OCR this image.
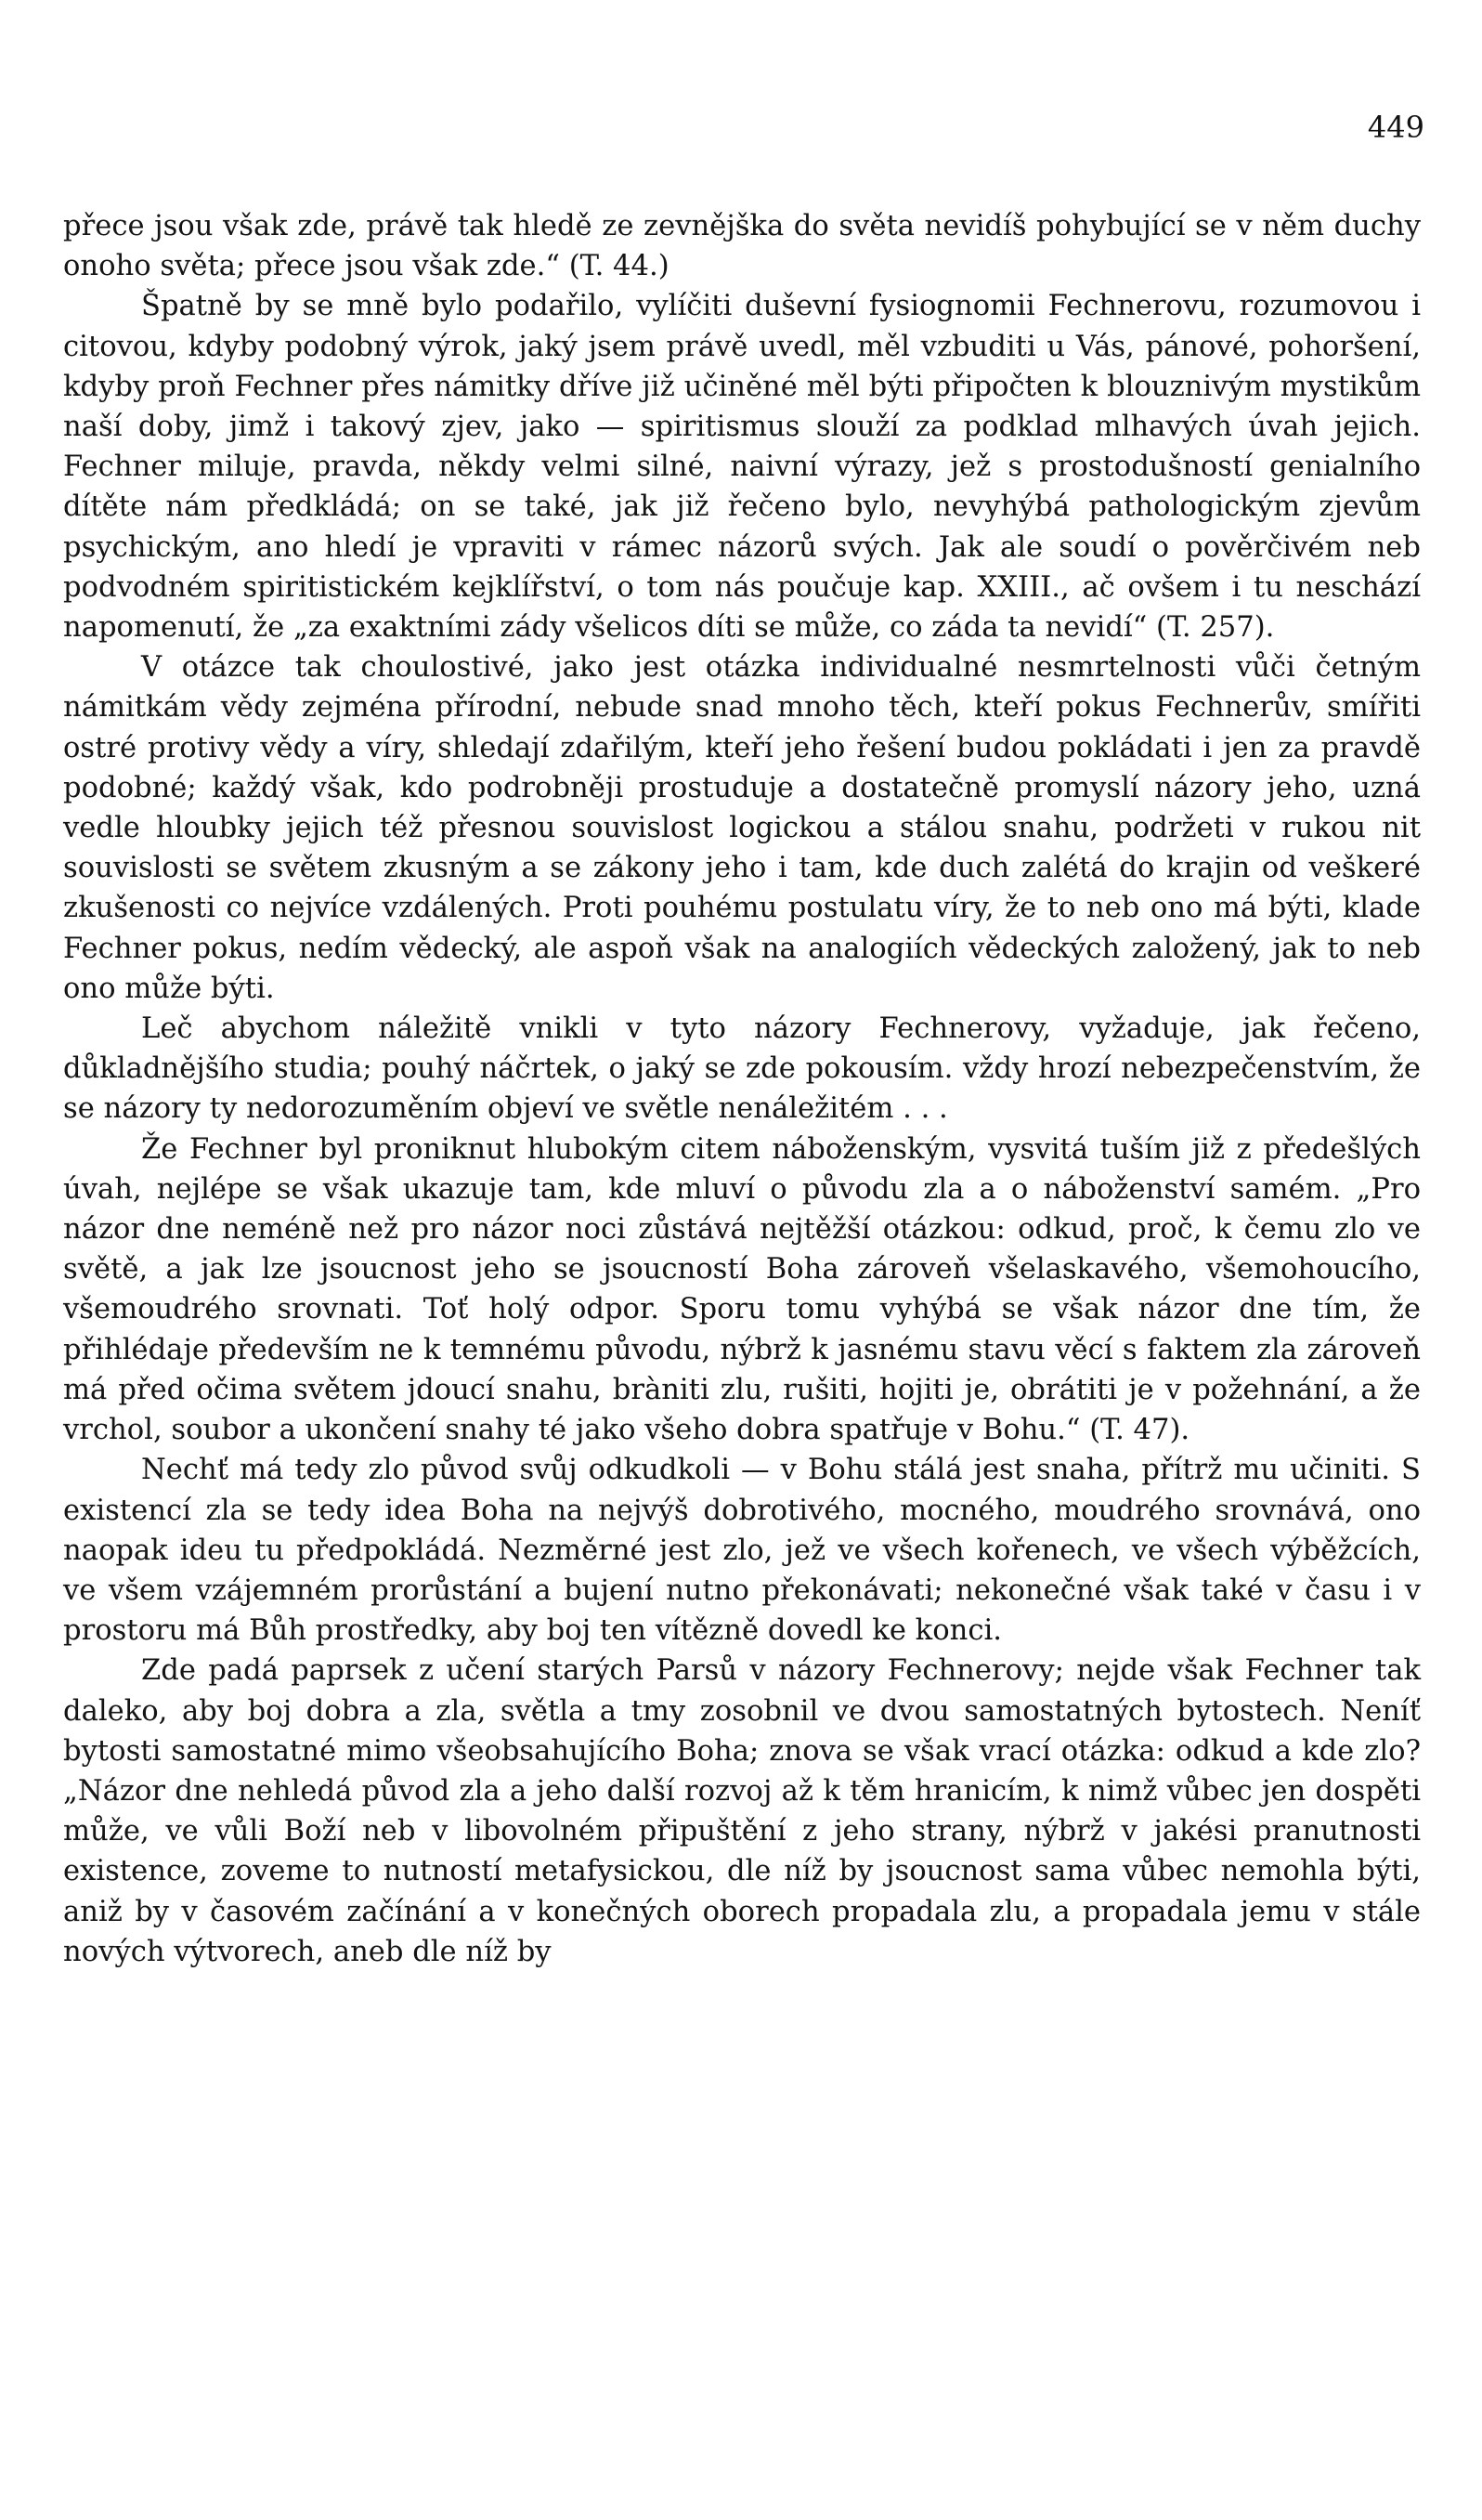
449

přece jsou však zde, právě tak hledě ze zevnějška do světa nevidíš pohybující se v něm duchy onoho světa; přece jsou však zde.“ (T. 44.)

Špatně by se mně bylo podařilo, vylíčiti duševní fysiognomii Fechnerovu, rozumovou i citovou, kdyby podobný výrok, jaký jsem právě uvedl, měl vzbuditi u Vás, pánové, pohoršení, kdyby proň Fechner přes námitky dříve již učiněné měl býti připočten k blouznivým mystikům naší doby, jimž i takový zjev, jako — spiritismus slouží za podklad mlhavých úvah jejich. Fechner miluje, pravda, někdy velmi silné, naivní výrazy, jež s prostodušností genialního dítěte nám předkládá; on se také, jak již řečeno bylo, nevyhýbá pathologickým zjevům psychickým, ano hledí je vpraviti v rámec názorů svých. Jak ale soudí o pověrčivém neb podvodném spiritistickém kejklířství, o tom nás poučuje kap. XXIII., ač ovšem i tu neschází napomenutí, že „za exaktními zády všelicos díti se může, co záda ta nevidí“ (T. 257).

V otázce tak choulostivé, jako jest otázka individualné nesmrtelnosti vůči četným námitkám vědy zejména přírodní, nebude snad mnoho těch, kteří pokus Fechnerův, smířiti ostré protivy vědy a víry, shledají zdařilým, kteří jeho řešení budou pokládati i jen za pravdě podobné; každý však, kdo podrobněji prostuduje a dostatečně promyslí názory jeho, uzná vedle hloubky jejich též přesnou souvislost logickou a stálou snahu, podržeti v rukou nit souvislosti se světem zkusným a se zákony jeho i tam, kde duch zalétá do krajin od veškeré zkušenosti co nejvíce vzdálených. Proti pouhému postulatu víry, že to neb ono má býti, klade Fechner pokus, nedím vědecký, ale aspoň však na analogiích vědeckých založený, jak to neb ono může býti.

Leč abychom náležitě vnikli v tyto názory Fechnerovy, vyžaduje, jak řečeno, důkladnějšího studia; pouhý náčrtek, o jaký se zde pokousím. vždy hrozí nebezpečenstvím, že se názory ty nedorozuměním objeví ve světle nenáležitém . . .

Že Fechner byl proniknut hlubokým citem náboženským, vysvitá tuším již z předešlých úvah, nejlépe se však ukazuje tam, kde mluví o původu zla a o náboženství samém. „Pro názor dne neméně než pro názor noci zůstává nejtěžší otázkou: odkud, proč, k čemu zlo ve světě, a jak lze jsoucnost jeho se jsoucností Boha zároveň všelaskavého, všemohoucího, všemoudrého srovnati. Toť holý odpor. Sporu tomu vyhýbá se však názor dne tím, že přihlédaje především ne k temnému původu, nýbrž k jasnému stavu věcí s faktem zla zároveň má před očima světem jdoucí snahu, bràniti zlu, rušiti, hojiti je, obrátiti je v požehnání, a že vrchol, soubor a ukončení snahy té jako všeho dobra spatřuje v Bohu.“ (T. 47).

Nechť má tedy zlo původ svůj odkudkoli — v Bohu stálá jest snaha, přítrž mu učiniti. S existencí zla se tedy idea Boha na nejvýš dobrotivého, mocného, moudrého srovnává, ono naopak ideu tu předpokládá. Nezměrné jest zlo, jež ve všech kořenech, ve všech výběžcích, ve všem vzájemném prorůstání a bujení nutno překonávati; nekonečné však také v času i v prostoru má Bůh prostředky, aby boj ten vítězně dovedl ke konci.

Zde padá paprsek z učení starých Parsů v názory Fechnerovy; nejde však Fechner tak daleko, aby boj dobra a zla, světla a tmy zosobnil ve dvou samostatných bytostech. Neníť bytosti samostatné mimo všeobsahujícího Boha; znova se však vrací otázka: odkud a kde zlo? „Názor dne nehledá původ zla a jeho další rozvoj až k těm hranicím, k nimž vůbec jen dospěti může, ve vůli Boží neb v libovolném připuštění z jeho strany, nýbrž v jakési pranutnosti existence, zoveme to nutností metafysickou, dle níž by jsoucnost sama vůbec nemohla býti, aniž by v časovém začínání a v konečných oborech propadala zlu, a propadala jemu v stále nových výtvorech, aneb dle níž by
